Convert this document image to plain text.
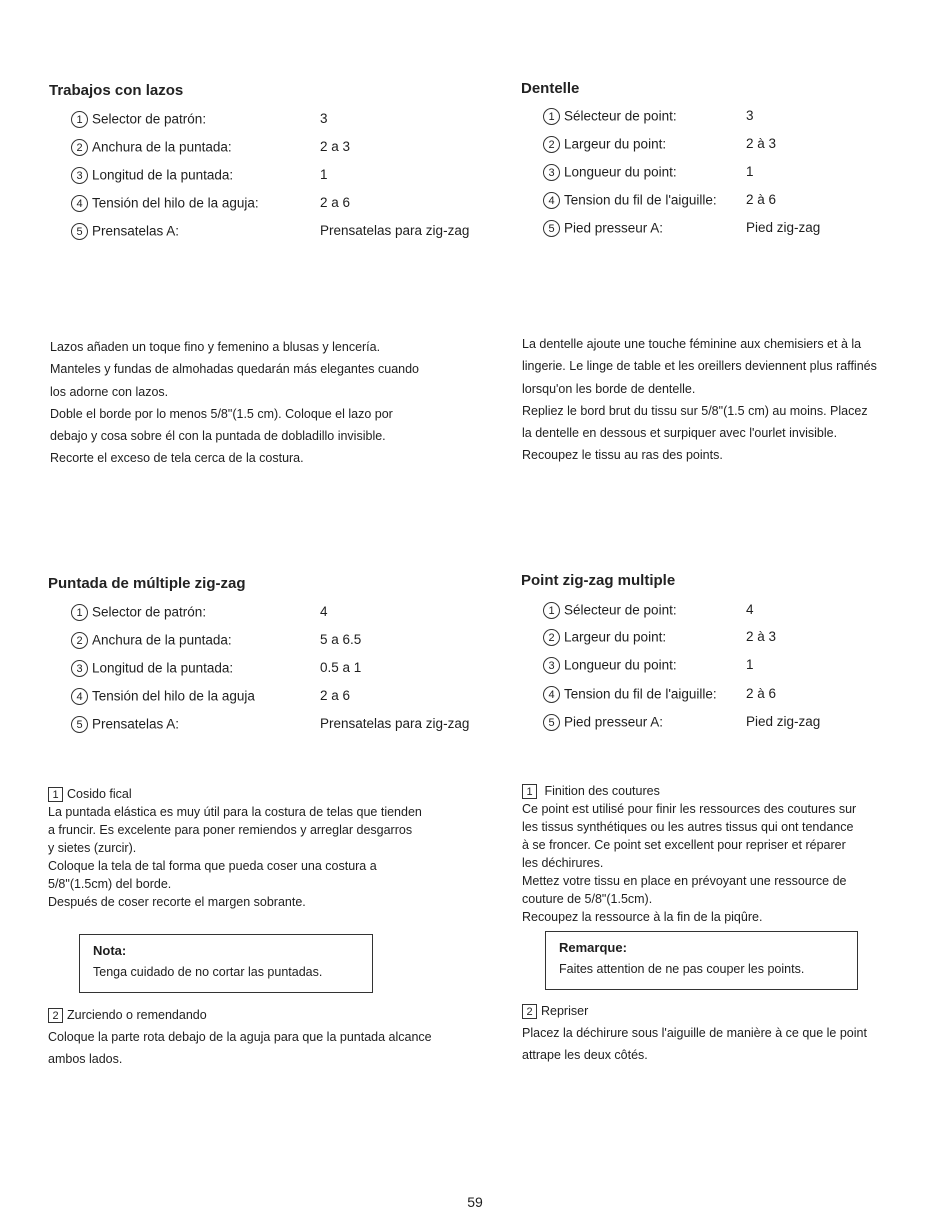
Trabajos con lazos
1 Selector de patrón:	3
2 Anchura de la puntada:	2 a 3
3 Longitud de la puntada:	1
4 Tensión del hilo de la aguja:	2 a 6
5 Prensatelas A:	Prensatelas para zig-zag
Lazos añaden un toque fino y femenino a blusas y lencería.
Manteles y fundas de almohadas quedarán más elegantes cuando
los adorne con lazos.
Doble el borde por lo menos 5/8"(1.5 cm). Coloque el lazo por
debajo y cosa sobre él con la puntada de dobladillo invisible.
Recorte el exceso de tela cerca de la costura.
Dentelle
1 Sélecteur de point:	3
2 Largeur du point:	2 à 3
3 Longueur du point:	1
4 Tension du fil de l'aiguille: 2 à 6
5 Pied presseur A:	Pied zig-zag
La dentelle ajoute une touche féminine aux chemisiers et à la
lingerie. Le linge de table et les oreillers deviennent plus raffinés
lorsqu'on les borde de dentelle.
Repliez le bord brut du tissu sur 5/8"(1.5 cm) au moins. Placez
la dentelle en dessous et surpiquer avec l'ourlet invisible.
Recoupez le tissu au ras des points.
Puntada de múltiple zig-zag
1 Selector de patrón:	4
2 Anchura de la puntada:	5 a 6.5
3 Longitud de la puntada:	0.5 a 1
4 Tensión del hilo de la aguja	2 a 6
5 Prensatelas A:	Prensatelas para zig-zag
1 Cosido fical
La puntada elástica es muy útil para la costura de telas que tienden
a fruncir. Es excelente para poner remiendos y arreglar desgarros
y sietes (zurcir).
Coloque la tela de tal forma que pueda coser una costura a
5/8"(1.5cm) del borde.
Después de coser recorte el margen sobrante.
Nota:
Tenga cuidado de no cortar las puntadas.
2 Zurciendo o remendando
Coloque la parte rota debajo de la aguja para que la puntada alcance
ambos lados.
Point zig-zag multiple
1 Sélecteur de point:	4
2 Largeur du point:	2 à 3
3 Longueur du point:	1
4 Tension du fil de l'aiguille: 2 à 6
5 Pied presseur A:	Pied zig-zag
1 Finition des coutures
Ce point est utilisé pour finir les ressources des coutures sur
les tissus synthétiques ou les autres tissus qui ont tendance
à se froncer. Ce point set excellent pour repriser et réparer
les déchirures.
Mettez votre tissu en place en prévoyant une ressource de
couture de 5/8"(1.5cm).
Recoupez la ressource à la fin de la piqûre.
Remarque:
Faites attention de ne pas couper les points.
2 Repriser
Placez la déchirure sous l'aiguille de manière à ce que le point
attrape les deux côtés.
59
